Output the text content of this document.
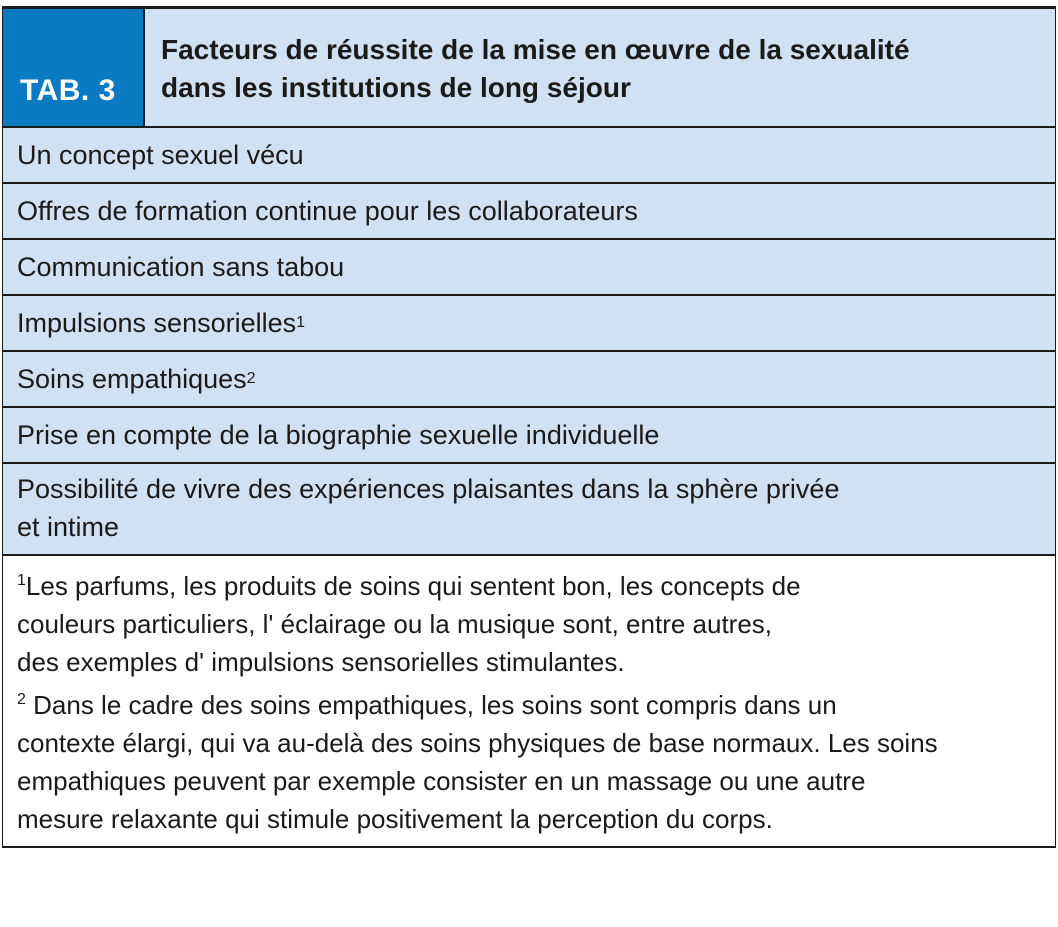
TAB. 3
Facteurs de réussite de la mise en œuvre de la sexualité
dans les institutions de long séjour
Un concept sexuel vécu
Offres de formation continue pour les collaborateurs
Communication sans tabou
Impulsions sensorielles 1
Soins empathiques 2
Prise en compte de la biographie sexuelle individuelle
Possibilité de vivre des expériences plaisantes dans la sphère privée
et intime

$^1$Les parfums, les produits de soins qui sentent bon, les concepts de

couleurs particuliers, l' éclairage ou la musique sont, entre autres,

des exemples d' impulsions sensorielles stimulantes.

$^2$ Dans le cadre des soins empathiques, les soins sont compris dans un

contexte élargi, qui va au-delà des soins physiques de base normaux. Les soins

empathiques peuvent par exemple consister en un massage ou une autre

mesure relaxante qui stimule positivement la perception du corps.
